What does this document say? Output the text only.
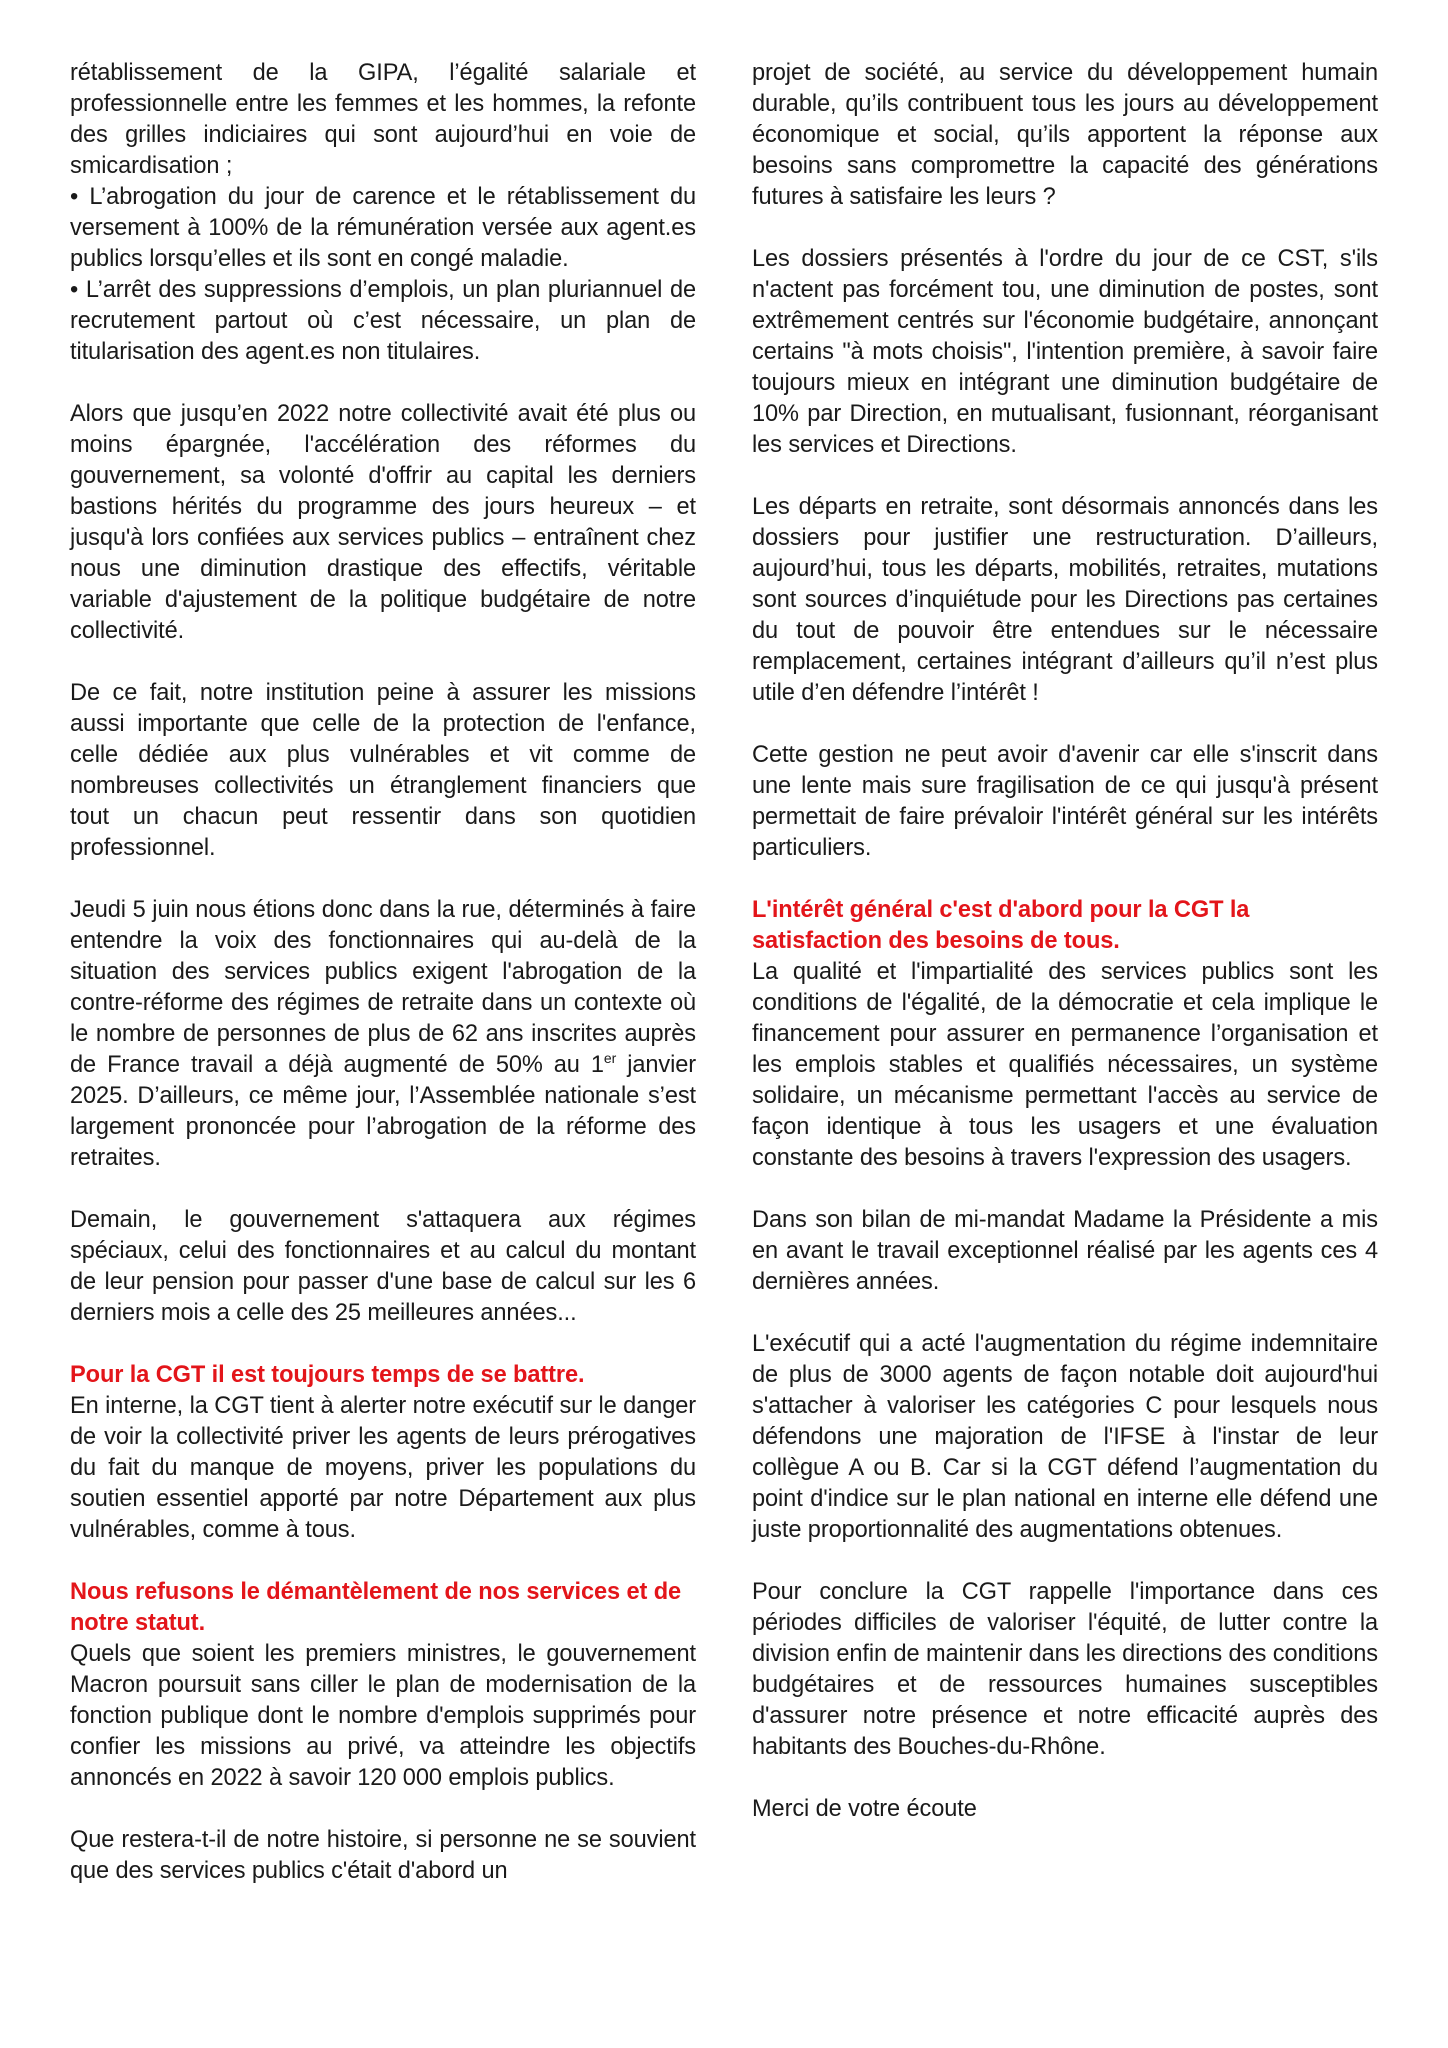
rétablissement de la GIPA, l’égalité salariale et professionnelle entre les femmes et les hommes, la refonte des grilles indiciaires qui sont aujourd’hui en voie de smicardisation ;

• L’abrogation du jour de carence et le rétablissement du versement à 100% de la rémunération versée aux agent.es publics lorsqu’elles et ils sont en congé maladie.

• L’arrêt des suppressions d’emplois, un plan pluriannuel de recrutement partout où c’est nécessaire, un plan de titularisation des agent.es non titulaires.

Alors que jusqu’en 2022 notre collectivité avait été plus ou moins épargnée, l'accélération des réformes du gouvernement, sa volonté d'offrir au capital les derniers bastions hérités du programme des jours heureux – et jusqu'à lors confiées aux services publics – entraînent chez nous une diminution drastique des effectifs, véritable variable d'ajustement de la politique budgétaire de notre collectivité.

De ce fait, notre institution peine à assurer les missions aussi importante que celle de la protection de l'enfance, celle dédiée aux plus vulnérables et vit comme de nombreuses collectivités un étranglement financiers que tout un chacun peut ressentir dans son quotidien professionnel.

Jeudi 5 juin nous étions donc dans la rue, déterminés à faire entendre la voix des fonctionnaires qui au-delà de la situation des services publics exigent l'abrogation de la contre-réforme des régimes de retraite dans un contexte où le nombre de personnes de plus de 62 ans inscrites auprès de France travail a déjà augmenté de 50% au 1er janvier 2025. D’ailleurs, ce même jour, l’Assemblée nationale s’est largement prononcée pour l’abrogation de la réforme des retraites.

Demain, le gouvernement s'attaquera aux régimes spéciaux, celui des fonctionnaires et au calcul du montant de leur pension pour passer d'une base de calcul sur les 6 derniers mois a celle des 25 meilleures années...

Pour la CGT il est toujours temps de se battre.

En interne, la CGT tient à alerter notre exécutif sur le danger de voir la collectivité priver les agents de leurs prérogatives du fait du manque de moyens, priver les populations du soutien essentiel apporté par notre Département aux plus vulnérables, comme à tous.

Nous refusons le démantèlement de nos services et de notre statut.

Quels que soient les premiers ministres, le gouvernement Macron poursuit sans ciller le plan de modernisation de la fonction publique dont le nombre d'emplois supprimés pour confier les missions au privé, va atteindre les objectifs annoncés en 2022 à savoir 120 000 emplois publics.

Que restera-t-il de notre histoire, si personne ne se souvient que des services publics c'était d'abord un

projet de société, au service du développement humain durable, qu’ils contribuent tous les jours au développement économique et social, qu’ils apportent la réponse aux besoins sans compromettre la capacité des générations futures à satisfaire les leurs ?

Les dossiers présentés à l'ordre du jour de ce CST, s'ils n'actent pas forcément tou, une diminution de postes, sont extrêmement centrés sur l'économie budgétaire, annonçant certains "à mots choisis", l'intention première, à savoir faire toujours mieux en intégrant une diminution budgétaire de 10% par Direction, en mutualisant, fusionnant, réorganisant les services et Directions.

Les départs en retraite, sont désormais annoncés dans les dossiers pour justifier une restructuration. D’ailleurs, aujourd’hui, tous les départs, mobilités, retraites, mutations sont sources d’inquiétude pour les Directions pas certaines du tout de pouvoir être entendues sur le nécessaire remplacement, certaines intégrant d’ailleurs qu’il n’est plus utile d’en défendre l’intérêt !

Cette gestion ne peut avoir d'avenir car elle s'inscrit dans une lente mais sure fragilisation de ce qui jusqu'à présent permettait de faire prévaloir l'intérêt général sur les intérêts particuliers.

L'intérêt général c'est d'abord pour la CGT la satisfaction des besoins de tous.

La qualité et l'impartialité des services publics sont les conditions de l'égalité, de la démocratie et cela implique le financement pour assurer en permanence l’organisation et les emplois stables et qualifiés nécessaires, un système solidaire, un mécanisme permettant l'accès au service de façon identique à tous les usagers et une évaluation constante des besoins à travers l'expression des usagers.

Dans son bilan de mi-mandat Madame la Présidente a mis en avant le travail exceptionnel réalisé par les agents ces 4 dernières années.

L'exécutif qui a acté l'augmentation du régime indemnitaire de plus de 3000 agents de façon notable doit aujourd'hui s'attacher à valoriser les catégories C pour lesquels nous défendons une majoration de l'IFSE à l'instar de leur collègue A ou B. Car si la CGT défend l’augmentation du point d'indice sur le plan national en interne elle défend une juste proportionnalité des augmentations obtenues.

Pour conclure la CGT rappelle l'importance dans ces périodes difficiles de valoriser l'équité, de lutter contre la division enfin de maintenir dans les directions des conditions budgétaires et de ressources humaines susceptibles d'assurer notre présence et notre efficacité auprès des habitants des Bouches-du-Rhône.

Merci de votre écoute
